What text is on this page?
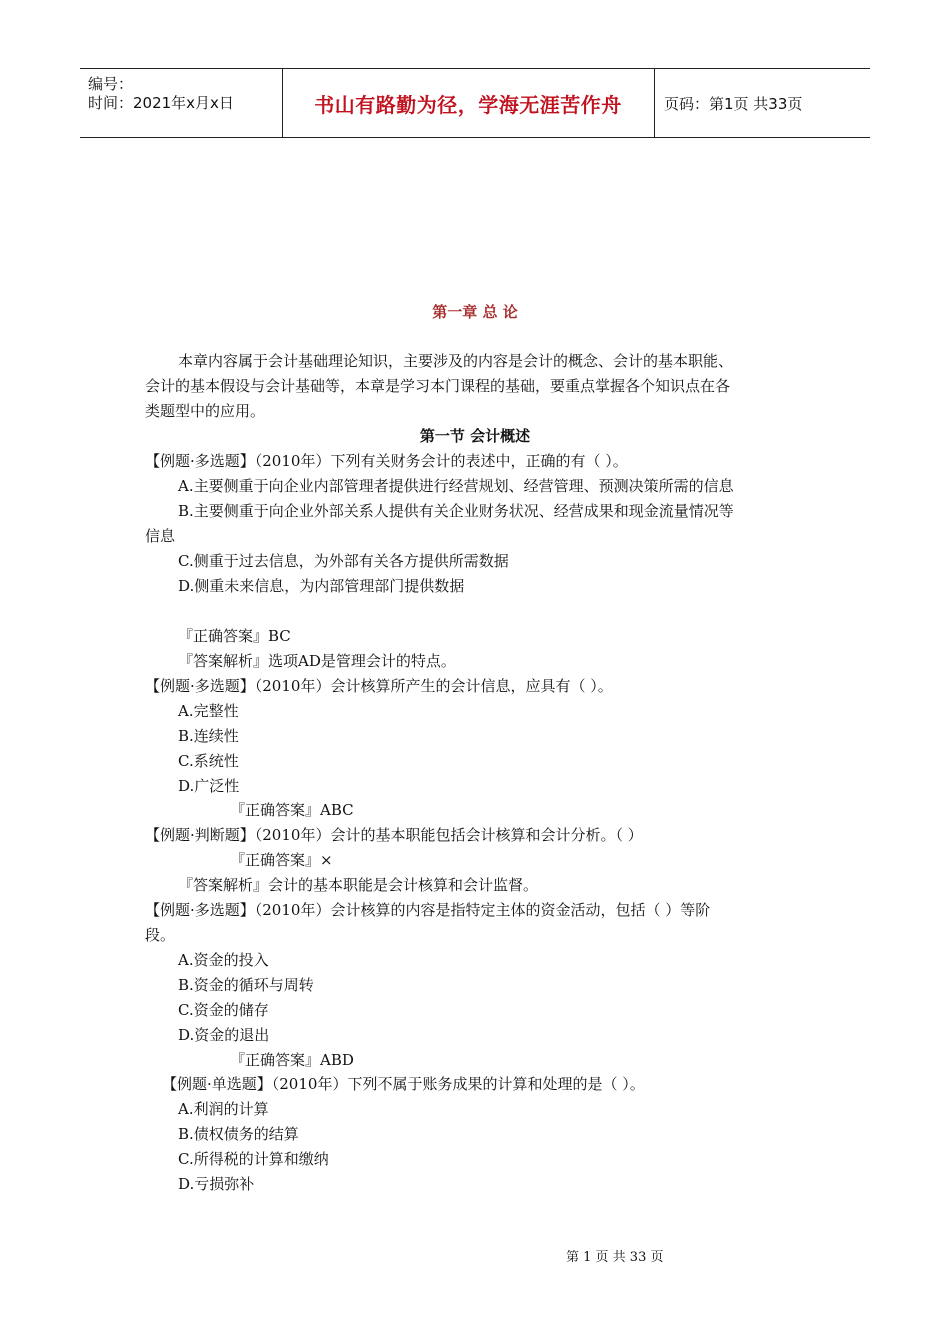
编号：
时间：2021年x月x日	书山有路勤为径，学海无涯苦作舟	页码：第1页 共33页
第一章 总 论
本章内容属于会计基础理论知识，主要涉及的内容是会计的概念、会计的基本职能、
会计的基本假设与会计基础等，本章是学习本门课程的基础，要重点掌握各个知识点在各
类题型中的应用。
第一节 会计概述
【例题·多选题】（2010年）下列有关财务会计的表述中，正确的有（ ）。
A.主要侧重于向企业内部管理者提供进行经营规划、经营管理、预测决策所需的信息
B.主要侧重于向企业外部关系人提供有关企业财务状况、经营成果和现金流量情况等
信息
C.侧重于过去信息，为外部有关各方提供所需数据
D.侧重未来信息，为内部管理部门提供数据
『正确答案』BC
『答案解析』选项AD是管理会计的特点。
【例题·多选题】（2010年）会计核算所产生的会计信息，应具有（ ）。
A.完整性
B.连续性
C.系统性
D.广泛性
『正确答案』ABC
【例题·判断题】（2010年）会计的基本职能包括会计核算和会计分析。（ ）
『正确答案』×
『答案解析』会计的基本职能是会计核算和会计监督。
【例题·多选题】（2010年）会计核算的内容是指特定主体的资金活动，包括（ ）等阶
段。
A.资金的投入
B.资金的循环与周转
C.资金的储存
D.资金的退出
『正确答案』ABD
【例题·单选题】（2010年）下列不属于账务成果的计算和处理的是（ ）。
A.利润的计算
B.债权债务的结算
C.所得税的计算和缴纳
D.亏损弥补
第 1 页 共 33 页
